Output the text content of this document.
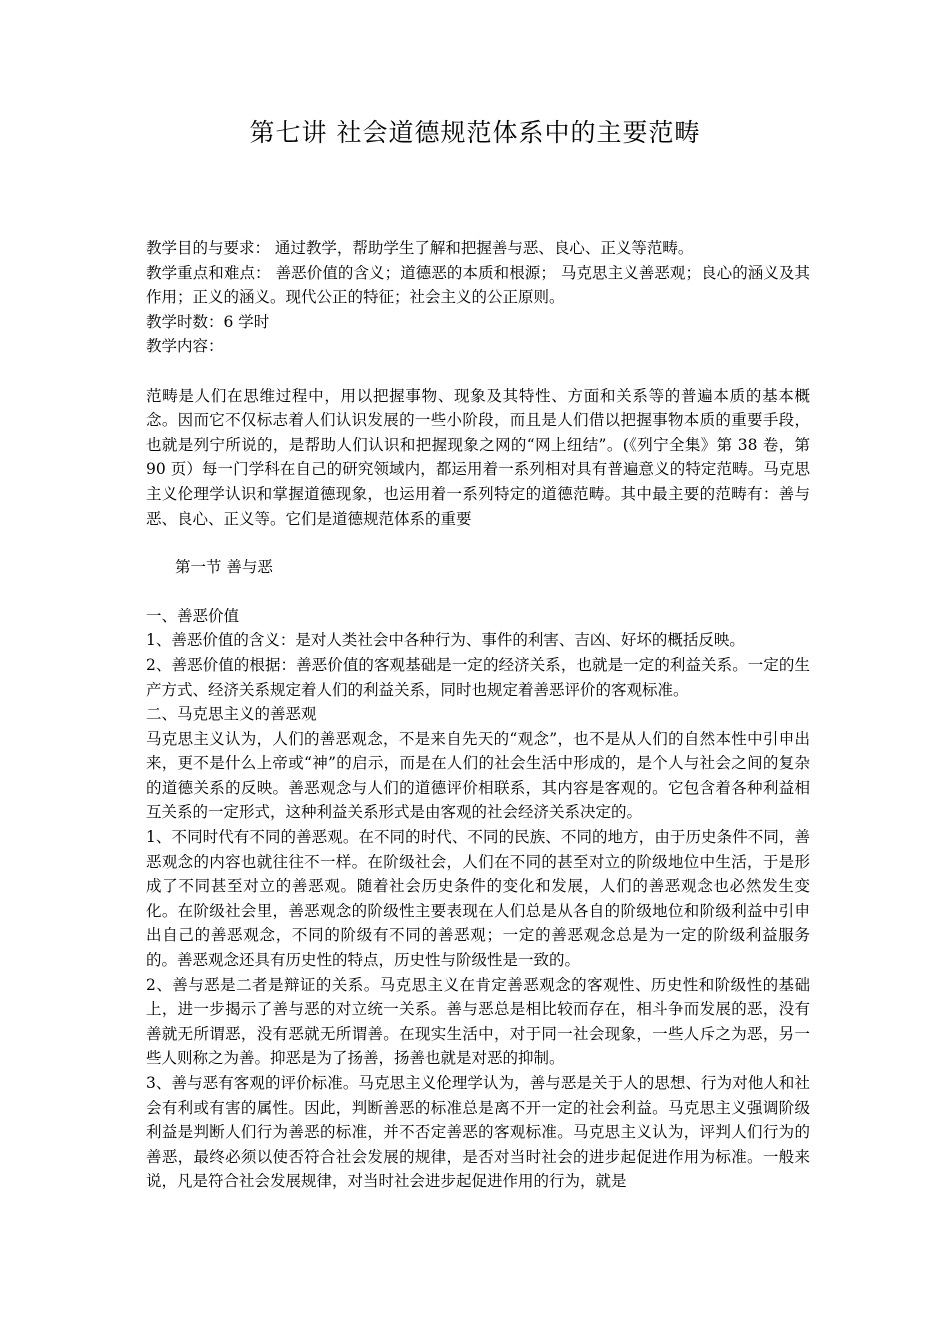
第七讲 社会道德规范体系中的主要范畴

教学目的与要求： 通过教学，帮助学生了解和把握善与恶、良心、正义等范畴。

教学重点和难点： 善恶价值的含义；道德恶的本质和根源； 马克思主义善恶观；良心的涵义及其作用；正义的涵义。现代公正的特征；社会主义的公正原则。

教学时数：6 学时

教学内容：

范畴是人们在思维过程中，用以把握事物、现象及其特性、方面和关系等的普遍本质的基本概念。因而它不仅标志着人们认识发展的一些小阶段，而且是人们借以把握事物本质的重要手段，也就是列宁所说的，是帮助人们认识和把握现象之网的“网上纽结”。(《列宁全集》第 38 卷，第 90 页）每一门学科在自己的研究领域内，都运用着一系列相对具有普遍意义的特定范畴。马克思主义伦理学认识和掌握道德现象，也运用着一系列特定的道德范畴。其中最主要的范畴有：善与恶、良心、正义等。它们是道德规范体系的重要

第一节 善与恶

一、善恶价值

1、善恶价值的含义：是对人类社会中各种行为、事件的利害、吉凶、好坏的概括反映。

2、善恶价值的根据：善恶价值的客观基础是一定的经济关系，也就是一定的利益关系。一定的生产方式、经济关系规定着人们的利益关系，同时也规定着善恶评价的客观标准。

二、马克思主义的善恶观

马克思主义认为，人们的善恶观念，不是来自先天的“观念”，也不是从人们的自然本性中引申出来，更不是什么上帝或“神”的启示，而是在人们的社会生活中形成的，是个人与社会之间的复杂的道德关系的反映。善恶观念与人们的道德评价相联系，其内容是客观的。它包含着各种利益相互关系的一定形式，这种利益关系形式是由客观的社会经济关系决定的。

1、不同时代有不同的善恶观。在不同的时代、不同的民族、不同的地方，由于历史条件不同，善恶观念的内容也就往往不一样。在阶级社会，人们在不同的甚至对立的阶级地位中生活，于是形成了不同甚至对立的善恶观。随着社会历史条件的变化和发展，人们的善恶观念也必然发生变化。在阶级社会里，善恶观念的阶级性主要表现在人们总是从各自的阶级地位和阶级利益中引申出自己的善恶观念，不同的阶级有不同的善恶观；一定的善恶观念总是为一定的阶级利益服务的。善恶观念还具有历史性的特点，历史性与阶级性是一致的。

2、善与恶是二者是辩证的关系。马克思主义在肯定善恶观念的客观性、历史性和阶级性的基础上，进一步揭示了善与恶的对立统一关系。善与恶总是相比较而存在，相斗争而发展的恶，没有善就无所谓恶，没有恶就无所谓善。在现实生活中，对于同一社会现象，一些人斥之为恶，另一些人则称之为善。抑恶是为了扬善，扬善也就是对恶的抑制。

3、善与恶有客观的评价标准。马克思主义伦理学认为，善与恶是关于人的思想、行为对他人和社会有利或有害的属性。因此，判断善恶的标准总是离不开一定的社会利益。马克思主义强调阶级利益是判断人们行为善恶的标准，并不否定善恶的客观标准。马克思主义认为，评判人们行为的善恶，最终必须以使否符合社会发展的规律，是否对当时社会的进步起促进作用为标准。一般来说，凡是符合社会发展规律，对当时社会进步起促进作用的行为，就是
